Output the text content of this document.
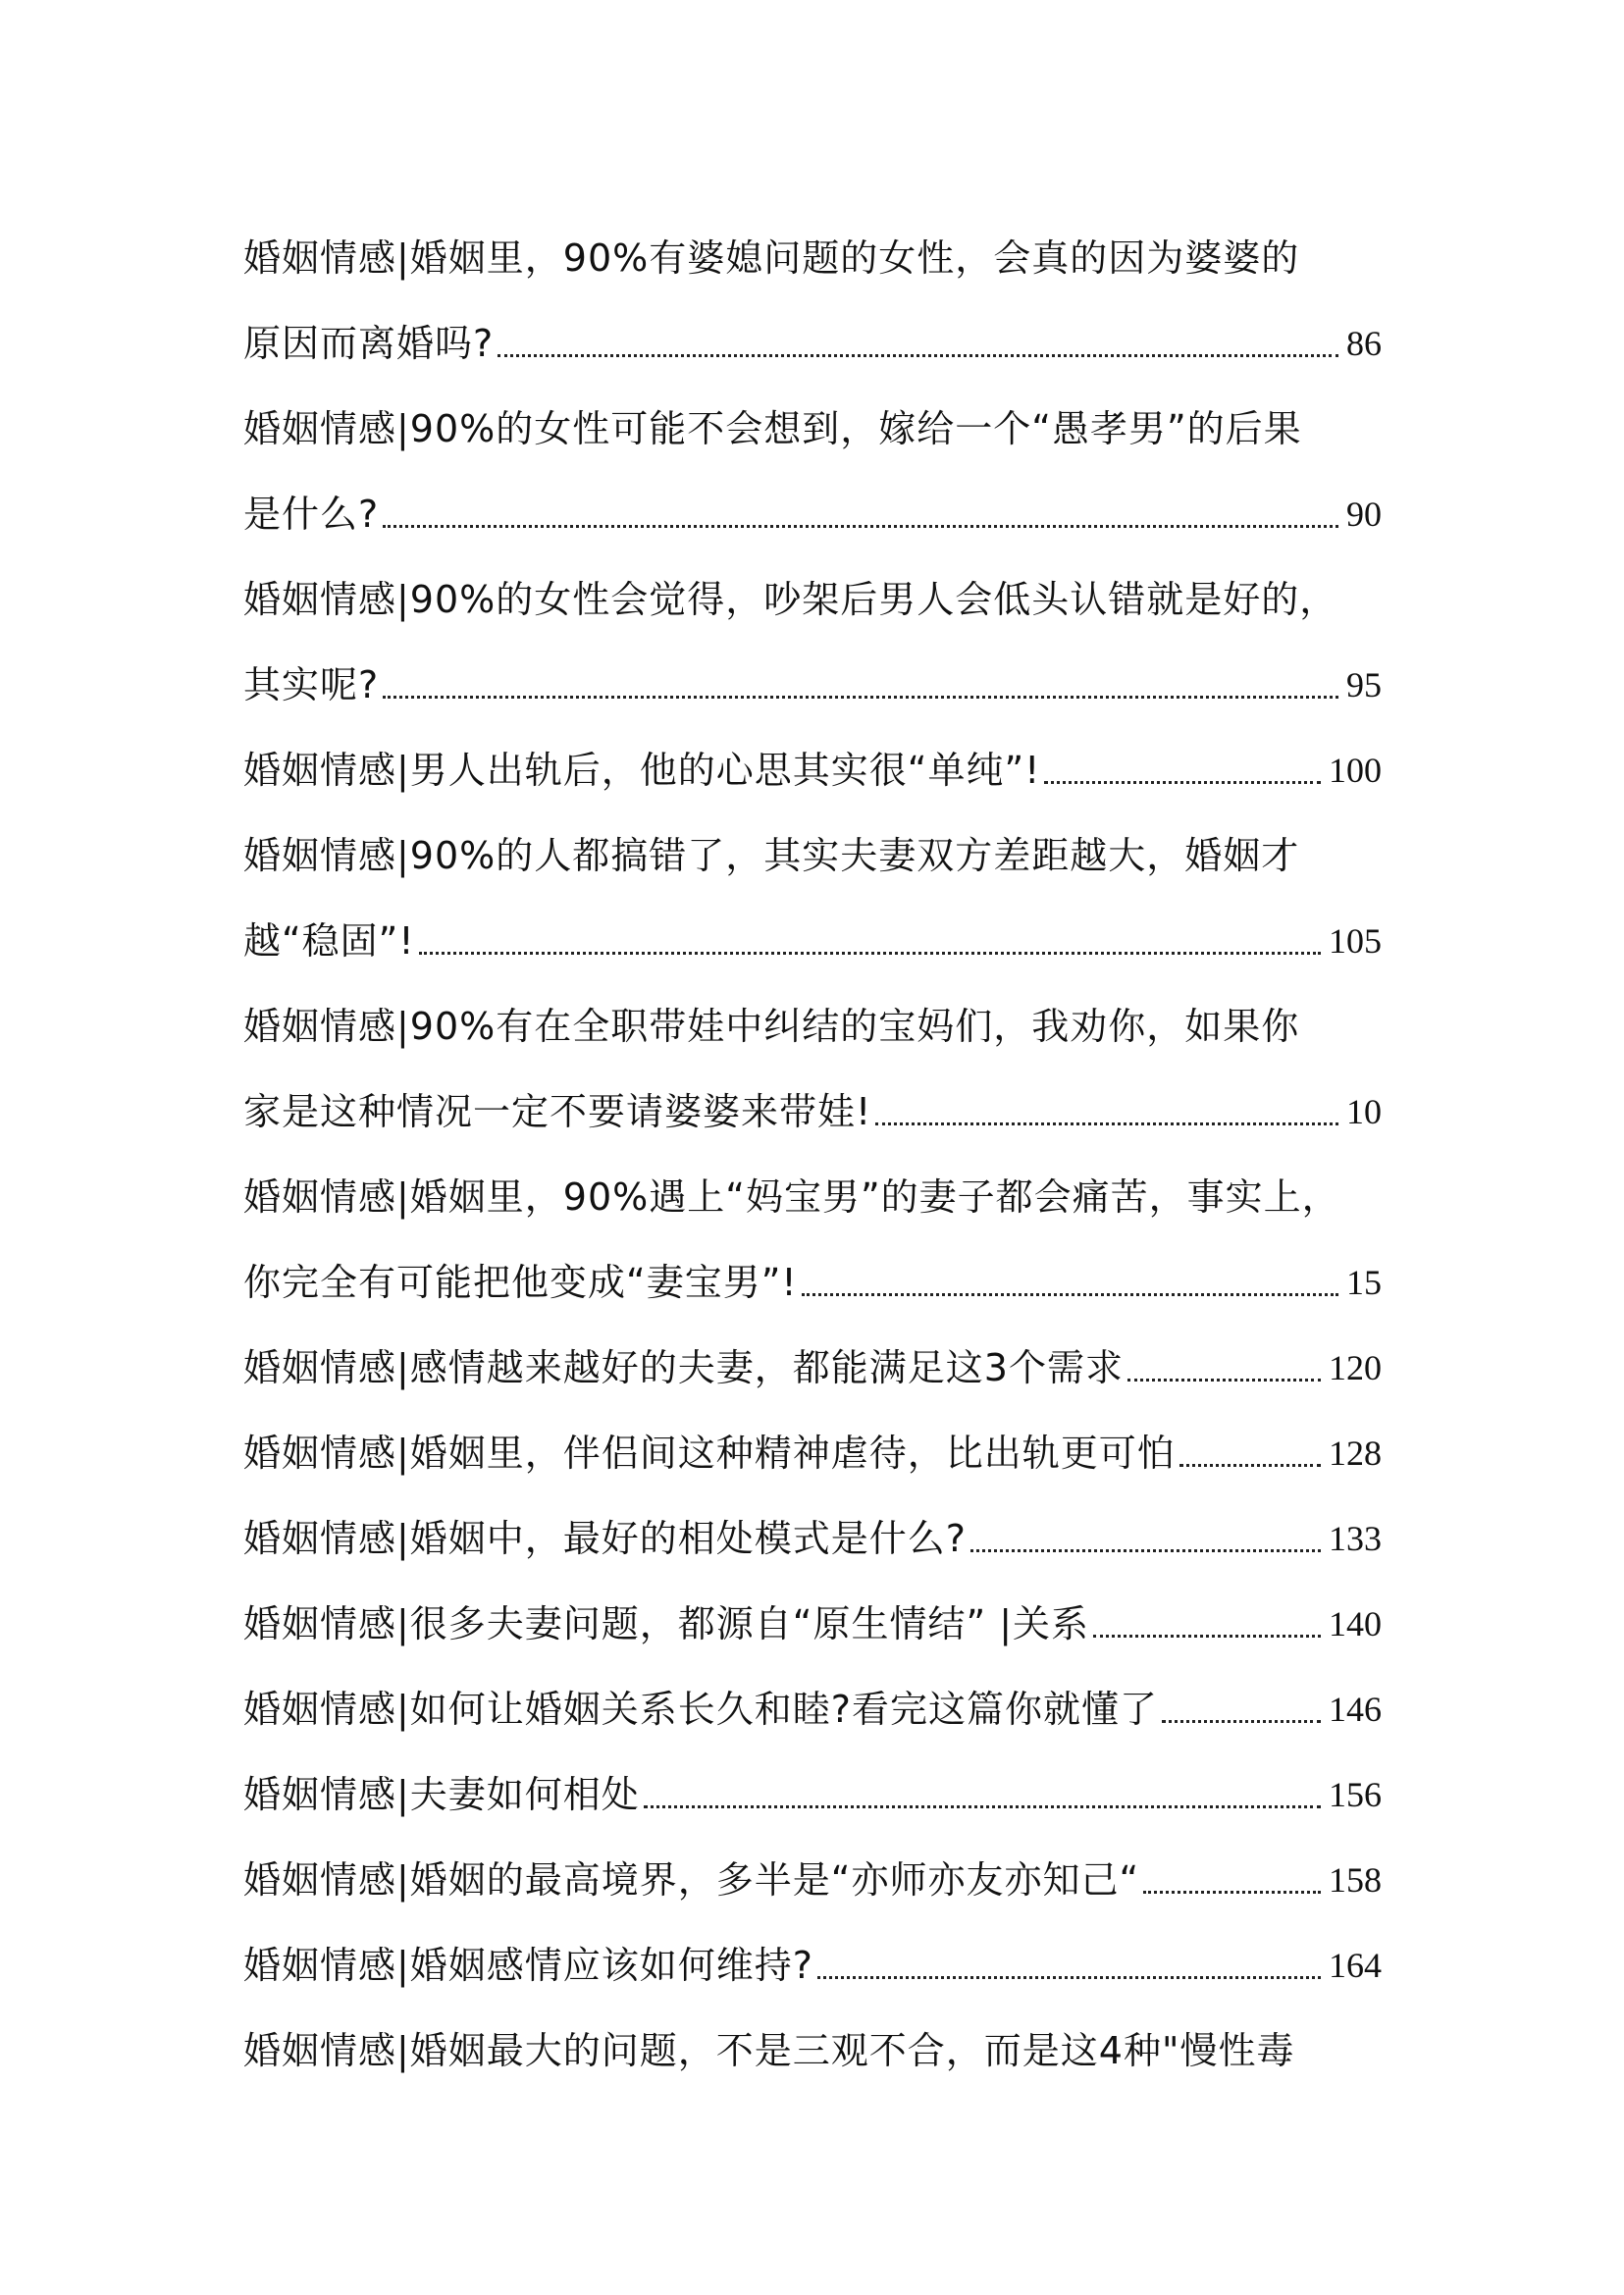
婚姻情感|婚姻里，90%有婆媳问题的女性，会真的因为婆婆的
原因而离婚吗?	86
婚姻情感|90%的女性可能不会想到，嫁给一个“愚孝男”的后果
是什么?	90
婚姻情感|90%的女性会觉得，吵架后男人会低头认错就是好的，
其实呢?	95
婚姻情感|男人出轨后，他的心思其实很“单纯”!	100
婚姻情感|90%的人都搞错了，其实夫妻双方差距越大，婚姻才
越“稳固”!	105
婚姻情感|90%有在全职带娃中纠结的宝妈们，我劝你，如果你
家是这种情况一定不要请婆婆来带娃!	10
婚姻情感|婚姻里，90%遇上“妈宝男”的妻子都会痛苦，事实上，
你完全有可能把他变成“妻宝男”!	15
婚姻情感|感情越来越好的夫妻，都能满足这3个需求	120
婚姻情感|婚姻里，伴侣间这种精神虐待，比出轨更可怕	128
婚姻情感|婚姻中，最好的相处模式是什么?	133
婚姻情感|很多夫妻问题，都源自“原生情结” |关系	140
婚姻情感|如何让婚姻关系长久和睦?看完这篇你就懂了	146
婚姻情感|夫妻如何相处	156
婚姻情感|婚姻的最高境界，多半是“亦师亦友亦知己“	158
婚姻情感|婚姻感情应该如何维持?	164
婚姻情感|婚姻最大的问题，不是三观不合，而是这4种"慢性毒
